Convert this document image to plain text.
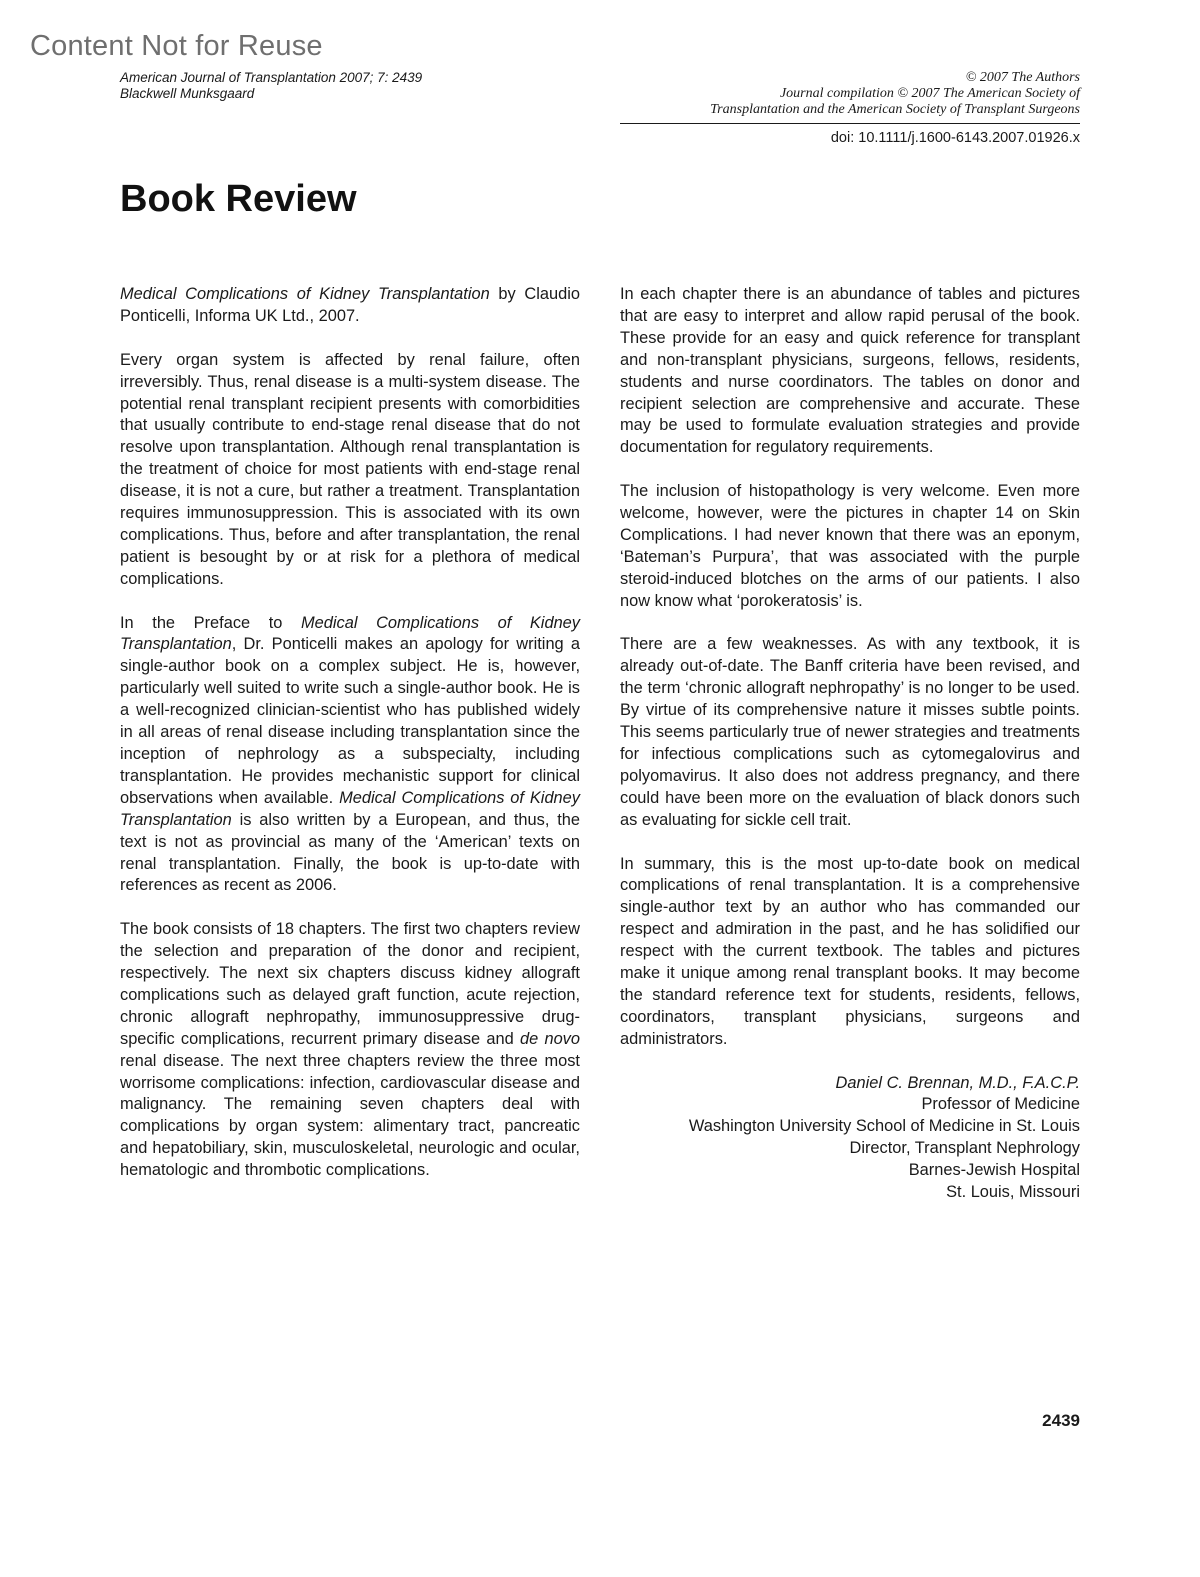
Content Not for Reuse
American Journal of Transplantation 2007; 7: 2439
Blackwell Munksgaard
© 2007 The Authors
Journal compilation © 2007 The American Society of
Transplantation and the American Society of Transplant Surgeons
doi: 10.1111/j.1600-6143.2007.01926.x
Book Review

Medical Complications of Kidney Transplantation by Claudio Ponticelli, Informa UK Ltd., 2007.

Every organ system is affected by renal failure, often irreversibly. Thus, renal disease is a multi-system disease. The potential renal transplant recipient presents with comorbidities that usually contribute to end-stage renal disease that do not resolve upon transplantation. Although renal transplantation is the treatment of choice for most patients with end-stage renal disease, it is not a cure, but rather a treatment. Transplantation requires immunosuppression. This is associated with its own complications. Thus, before and after transplantation, the renal patient is besought by or at risk for a plethora of medical complications.

In the Preface to Medical Complications of Kidney Transplantation, Dr. Ponticelli makes an apology for writing a single-author book on a complex subject. He is, however, particularly well suited to write such a single-author book. He is a well-recognized clinician-scientist who has published widely in all areas of renal disease including transplantation since the inception of nephrology as a subspecialty, including transplantation. He provides mechanistic support for clinical observations when available. Medical Complications of Kidney Transplantation is also written by a European, and thus, the text is not as provincial as many of the ‘American’ texts on renal transplantation. Finally, the book is up-to-date with references as recent as 2006.

The book consists of 18 chapters. The first two chapters review the selection and preparation of the donor and recipient, respectively. The next six chapters discuss kidney allograft complications such as delayed graft function, acute rejection, chronic allograft nephropathy, immunosuppressive drug-specific complications, recurrent primary disease and de novo renal disease. The next three chapters review the three most worrisome complications: infection, cardiovascular disease and malignancy. The remaining seven chapters deal with complications by organ system: alimentary tract, pancreatic and hepatobiliary, skin, musculoskeletal, neurologic and ocular, hematologic and thrombotic complications.

In each chapter there is an abundance of tables and pictures that are easy to interpret and allow rapid perusal of the book. These provide for an easy and quick reference for transplant and non-transplant physicians, surgeons, fellows, residents, students and nurse coordinators. The tables on donor and recipient selection are comprehensive and accurate. These may be used to formulate evaluation strategies and provide documentation for regulatory requirements.

The inclusion of histopathology is very welcome. Even more welcome, however, were the pictures in chapter 14 on Skin Complications. I had never known that there was an eponym, ‘Bateman’s Purpura’, that was associated with the purple steroid-induced blotches on the arms of our patients. I also now know what ‘porokeratosis’ is.

There are a few weaknesses. As with any textbook, it is already out-of-date. The Banff criteria have been revised, and the term ‘chronic allograft nephropathy’ is no longer to be used. By virtue of its comprehensive nature it misses subtle points. This seems particularly true of newer strategies and treatments for infectious complications such as cytomegalovirus and polyomavirus. It also does not address pregnancy, and there could have been more on the evaluation of black donors such as evaluating for sickle cell trait.

In summary, this is the most up-to-date book on medical complications of renal transplantation. It is a comprehensive single-author text by an author who has commanded our respect and admiration in the past, and he has solidified our respect with the current textbook. The tables and pictures make it unique among renal transplant books. It may become the standard reference text for students, residents, fellows, coordinators, transplant physicians, surgeons and administrators.

Daniel C. Brennan, M.D., F.A.C.P.
Professor of Medicine
Washington University School of Medicine in St. Louis
Director, Transplant Nephrology
Barnes-Jewish Hospital
St. Louis, Missouri
2439
